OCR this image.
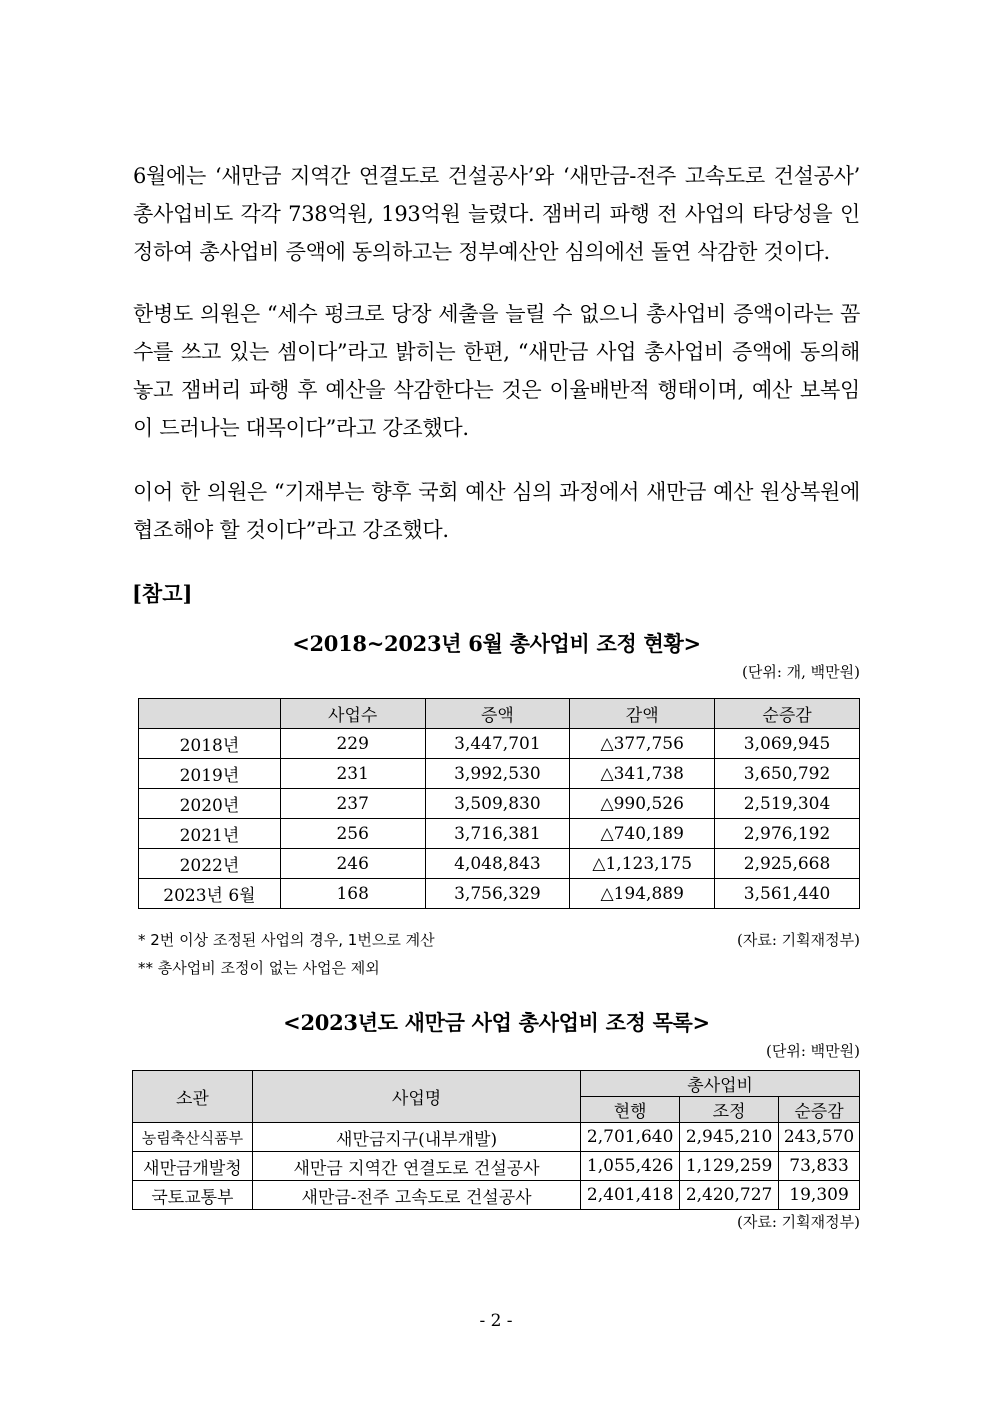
6월에는 ‘새만금 지역간 연결도로 건설공사’와 ‘새만금-전주 고속도로 건설공사’ 총사업비도 각각 738억원, 193억원 늘렸다. 잼버리 파행 전 사업의 타당성을 인정하여 총사업비 증액에 동의하고는 정부예산안 심의에선 돌연 삭감한 것이다.
한병도 의원은 “세수 펑크로 당장 세출을 늘릴 수 없으니 총사업비 증액이라는 꼼수를 쓰고 있는 셈이다”라고 밝히는 한편, “새만금 사업 총사업비 증액에 동의해놓고 잼버리 파행 후 예산을 삭감한다는 것은 이율배반적 행태이며, 예산 보복임이 드러나는 대목이다”라고 강조했다.
이어 한 의원은 “기재부는 향후 국회 예산 심의 과정에서 새만금 예산 원상복원에 협조해야 할 것이다”라고 강조했다.
[참고]
<2018~2023년 6월 총사업비 조정 현황>
(단위: 개, 백만원)
	사업수	증액	감액	순증감
2018년	229	3,447,701	△377,756	3,069,945
2019년	231	3,992,530	△341,738	3,650,792
2020년	237	3,509,830	△990,526	2,519,304
2021년	256	3,716,381	△740,189	2,976,192
2022년	246	4,048,843	△1,123,175	2,925,668
2023년 6월	168	3,756,329	△194,889	3,561,440
* 2번 이상 조정된 사업의 경우, 1번으로 계산
** 총사업비 조정이 없는 사업은 제외
(자료: 기획재정부)
<2023년도 새만금 사업 총사업비 조정 목록>
(단위: 백만원)
소관	사업명	총사업비		
		현행	조정	순증감
농림축산식품부	새만금지구(내부개발)	2,701,640	2,945,210	243,570
새만금개발청	새만금 지역간 연결도로 건설공사	1,055,426	1,129,259	73,833
국토교통부	새만금-전주 고속도로 건설공사	2,401,418	2,420,727	19,309
(자료: 기획재정부)
- 2 -
